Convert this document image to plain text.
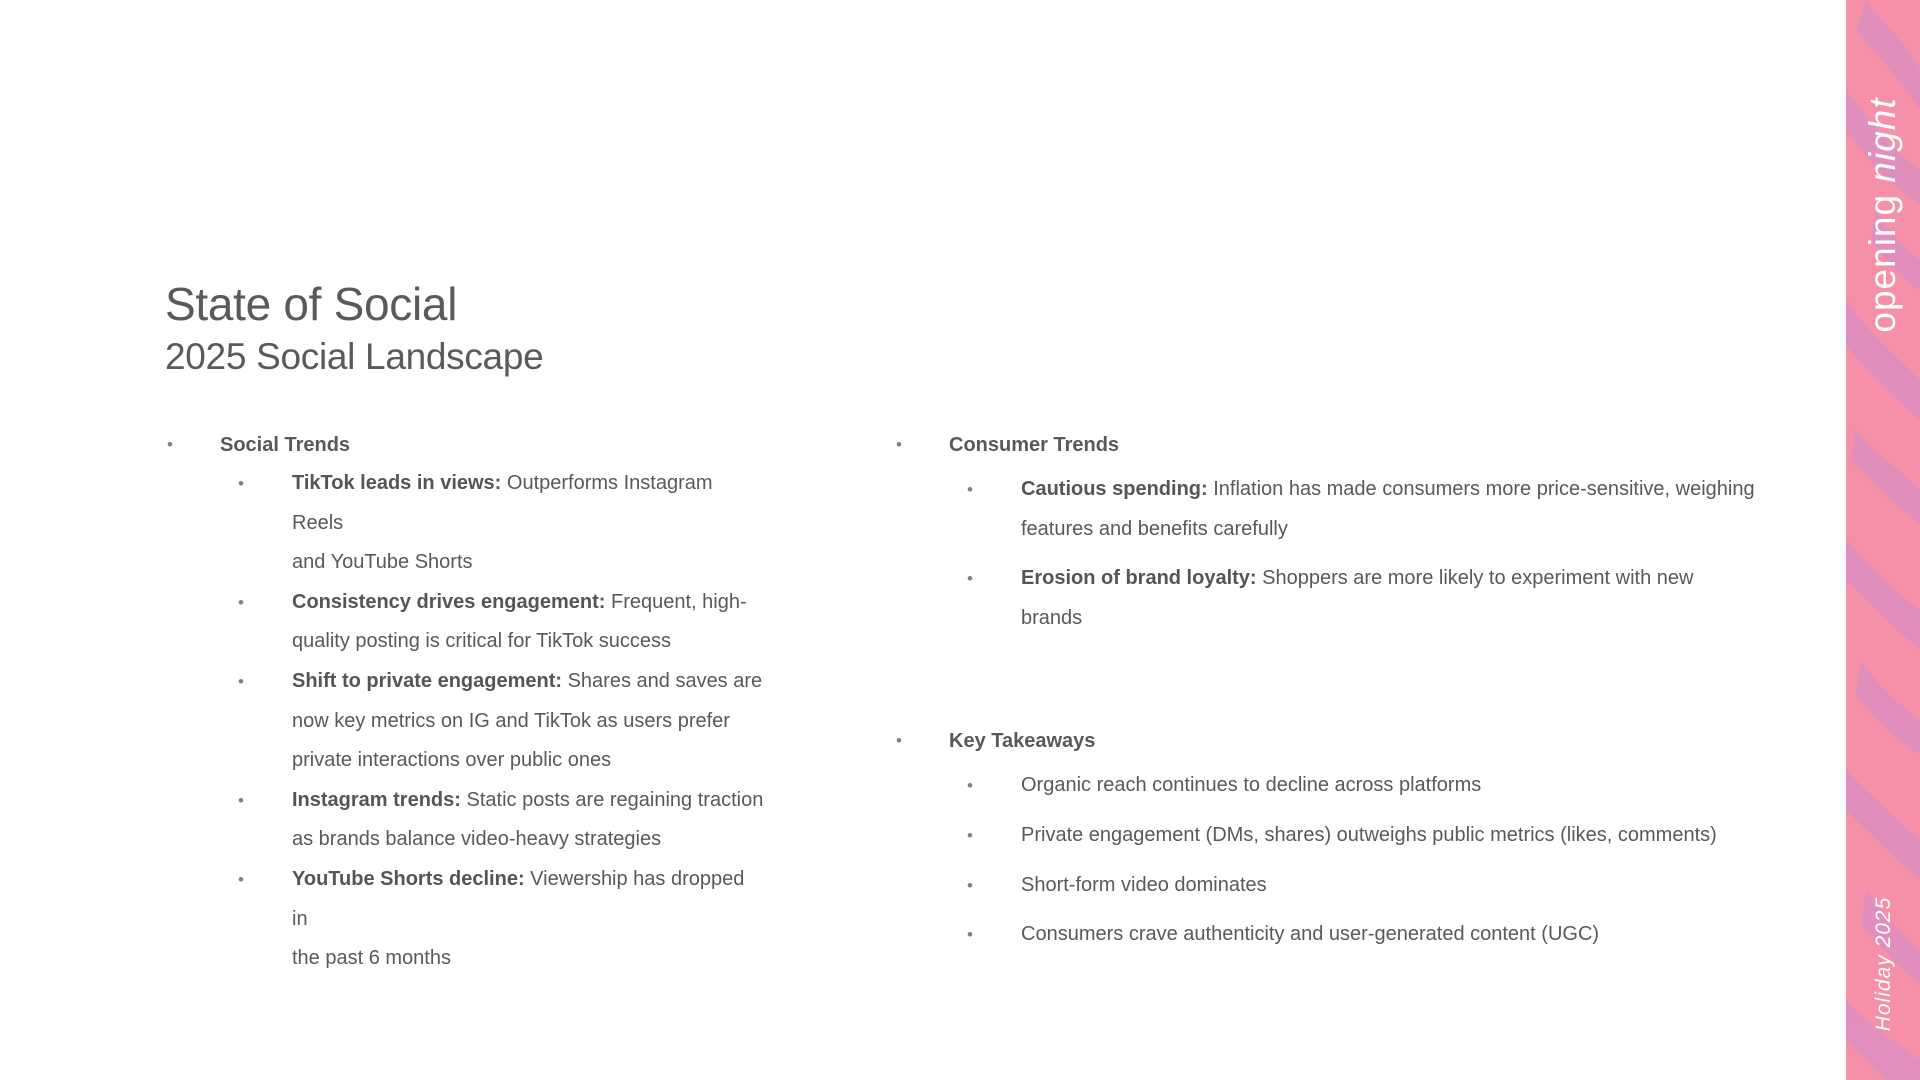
State of Social
2025 Social Landscape
• Social Trends
• TikTok leads in views: Outperforms Instagram Reels
and YouTube Shorts
• Consistency drives engagement: Frequent, high-
quality posting is critical for TikTok success
• Shift to private engagement: Shares and saves are
now key metrics on IG and TikTok as users prefer
private interactions over public ones
• Instagram trends: Static posts are regaining traction
as brands balance video-heavy strategies
• YouTube Shorts decline: Viewership has dropped in
the past 6 months
• Consumer Trends
• Cautious spending: Inflation has made consumers more price-sensitive, weighing
features and benefits carefully
• Erosion of brand loyalty: Shoppers are more likely to experiment with new
brands
• Key Takeaways
• Organic reach continues to decline across platforms
• Private engagement (DMs, shares) outweighs public metrics (likes, comments)
• Short-form video dominates
• Consumers crave authenticity and user-generated content (UGC)
opening night
Holiday 2025
